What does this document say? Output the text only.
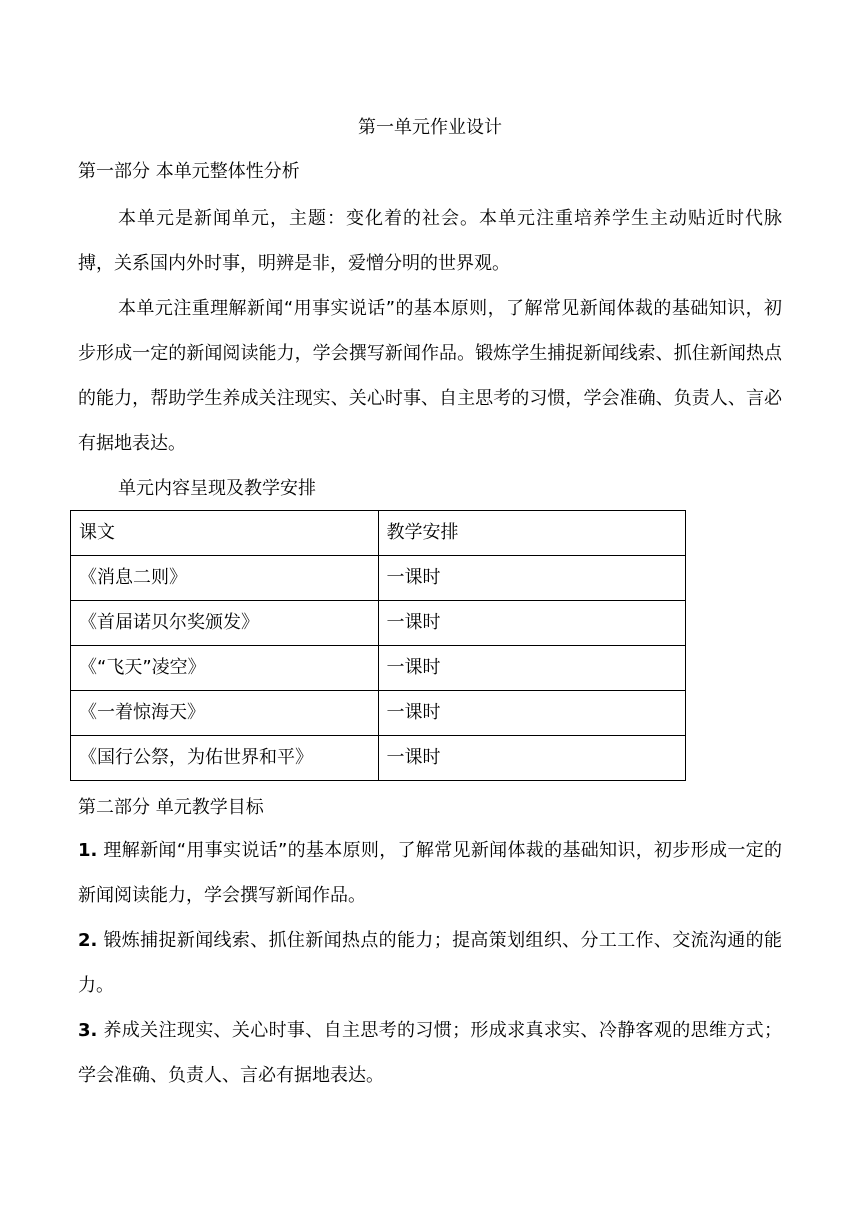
第一单元作业设计
第一部分 本单元整体性分析
本单元是新闻单元，主题：变化着的社会。本单元注重培养学生主动贴近时代脉搏，关系国内外时事，明辨是非，爱憎分明的世界观。
本单元注重理解新闻“用事实说话”的基本原则，了解常见新闻体裁的基础知识，初步形成一定的新闻阅读能力，学会撰写新闻作品。锻炼学生捕捉新闻线索、抓住新闻热点的能力，帮助学生养成关注现实、关心时事、自主思考的习惯，学会准确、负责人、言必有据地表达。
单元内容呈现及教学安排
课文	教学安排
《消息二则》	一课时
《首届诺贝尔奖颁发》	一课时
《“飞天”凌空》	一课时
《一着惊海天》	一课时
《国行公祭，为佑世界和平》	一课时
第二部分 单元教学目标
1. 理解新闻“用事实说话”的基本原则，了解常见新闻体裁的基础知识，初步形成一定的新闻阅读能力，学会撰写新闻作品。
2. 锻炼捕捉新闻线索、抓住新闻热点的能力；提高策划组织、分工工作、交流沟通的能力。
3. 养成关注现实、关心时事、自主思考的习惯；形成求真求实、冷静客观的思维方式；学会准确、负责人、言必有据地表达。
